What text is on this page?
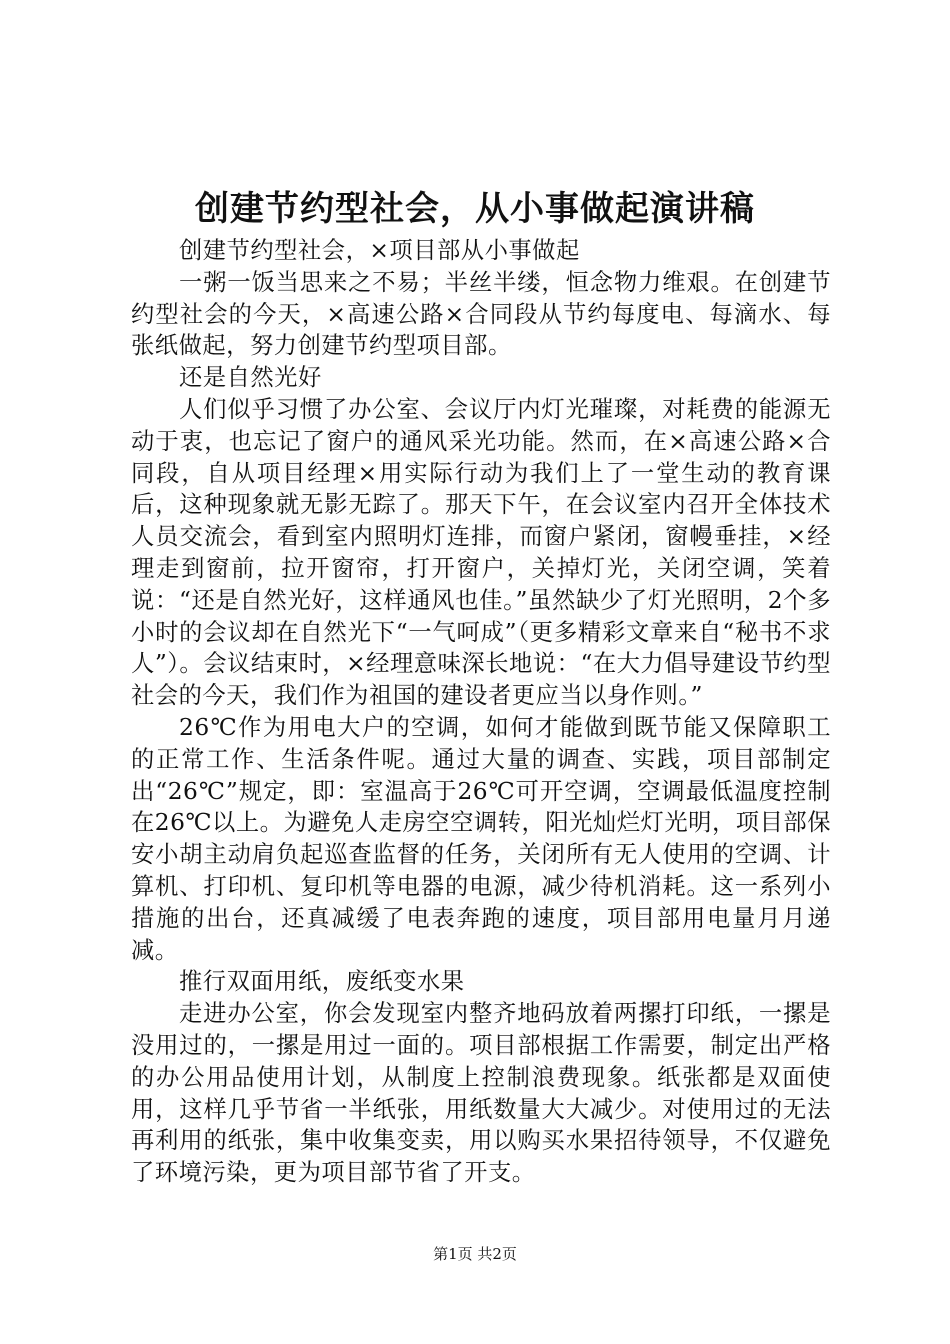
创建节约型社会，从小事做起演讲稿

创建节约型社会，×项目部从小事做起

一粥一饭当思来之不易；半丝半缕，恒念物力维艰。在创建节约型社会的今天，×高速公路×合同段从节约每度电、每滴水、每张纸做起，努力创建节约型项目部。

还是自然光好

人们似乎习惯了办公室、会议厅内灯光璀璨，对耗费的能源无动于衷，也忘记了窗户的通风采光功能。然而，在×高速公路×合同段，自从项目经理×用实际行动为我们上了一堂生动的教育课后，这种现象就无影无踪了。那天下午，在会议室内召开全体技术人员交流会，看到室内照明灯连排，而窗户紧闭，窗幔垂挂，×经理走到窗前，拉开窗帘，打开窗户，关掉灯光，关闭空调，笑着说：“还是自然光好，这样通风也佳。”虽然缺少了灯光照明，2个多小时的会议却在自然光下“一气呵成”（更多精彩文章来自“秘书不求人”）。会议结束时，×经理意味深长地说：“在大力倡导建设节约型社会的今天，我们作为祖国的建设者更应当以身作则。”

26℃作为用电大户的空调，如何才能做到既节能又保障职工的正常工作、生活条件呢。通过大量的调查、实践，项目部制定出“26℃”规定，即：室温高于26℃可开空调，空调最低温度控制在26℃以上。为避免人走房空空调转，阳光灿烂灯光明，项目部保安小胡主动肩负起巡查监督的任务，关闭所有无人使用的空调、计算机、打印机、复印机等电器的电源，减少待机消耗。这一系列小措施的出台，还真减缓了电表奔跑的速度，项目部用电量月月递减。

推行双面用纸，废纸变水果

走进办公室，你会发现室内整齐地码放着两摞打印纸，一摞是没用过的，一摞是用过一面的。项目部根据工作需要，制定出严格的办公用品使用计划，从制度上控制浪费现象。纸张都是双面使用，这样几乎节省一半纸张，用纸数量大大减少。对使用过的无法再利用的纸张，集中收集变卖，用以购买水果招待领导，不仅避免了环境污染，更为项目部节省了开支。

第1页 共2页
